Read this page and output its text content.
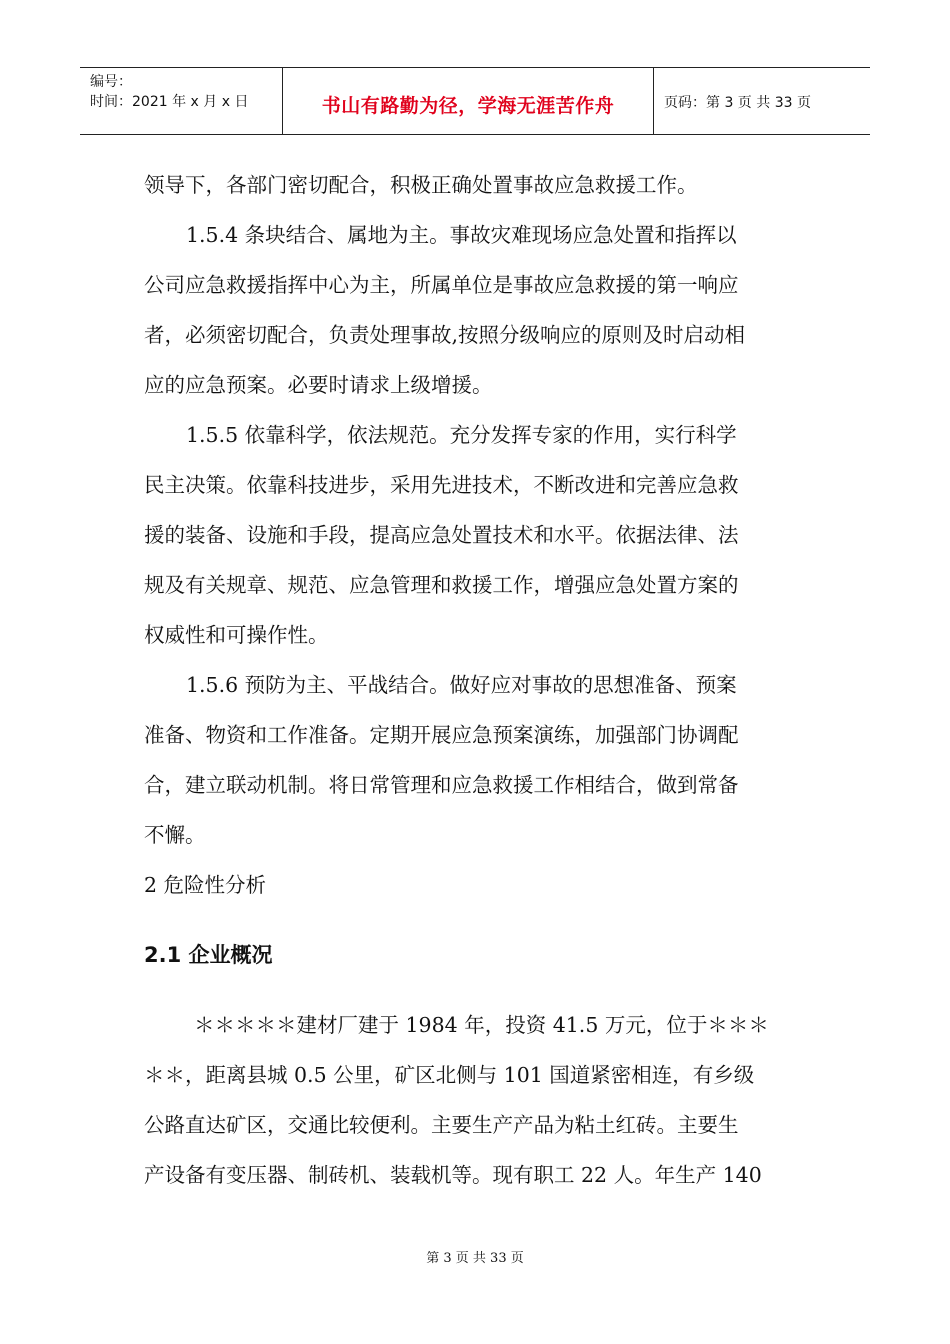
编号：
时间：2021 年 x 月 x 日	书山有路勤为径，学海无涯苦作舟	页码：第 3 页 共 33 页
领导下，各部门密切配合，积极正确处置事故应急救援工作。
1.5.4 条块结合、属地为主。事故灾难现场应急处置和指挥以
公司应急救援指挥中心为主，所属单位是事故应急救援的第一响应
者，必须密切配合，负责处理事故,按照分级响应的原则及时启动相
应的应急预案。必要时请求上级增援。
1.5.5 依靠科学，依法规范。充分发挥专家的作用，实行科学
民主决策。依靠科技进步，采用先进技术，不断改进和完善应急救
援的装备、设施和手段，提高应急处置技术和水平。依据法律、法
规及有关规章、规范、应急管理和救援工作，增强应急处置方案的
权威性和可操作性。
1.5.6 预防为主、平战结合。做好应对事故的思想准备、预案
准备、物资和工作准备。定期开展应急预案演练，加强部门协调配
合，建立联动机制。将日常管理和应急救援工作相结合，做到常备
不懈。
2 危险性分析
2.1 企业概况
＊＊＊＊＊建材厂建于 1984 年，投资 41.5 万元，位于＊＊＊
＊＊，距离县城 0.5 公里，矿区北侧与 101 国道紧密相连，有乡级
公路直达矿区，交通比较便利。主要生产产品为粘土红砖。主要生
产设备有变压器、制砖机、装载机等。现有职工 22 人。年生产 140
第 3 页 共 33 页
